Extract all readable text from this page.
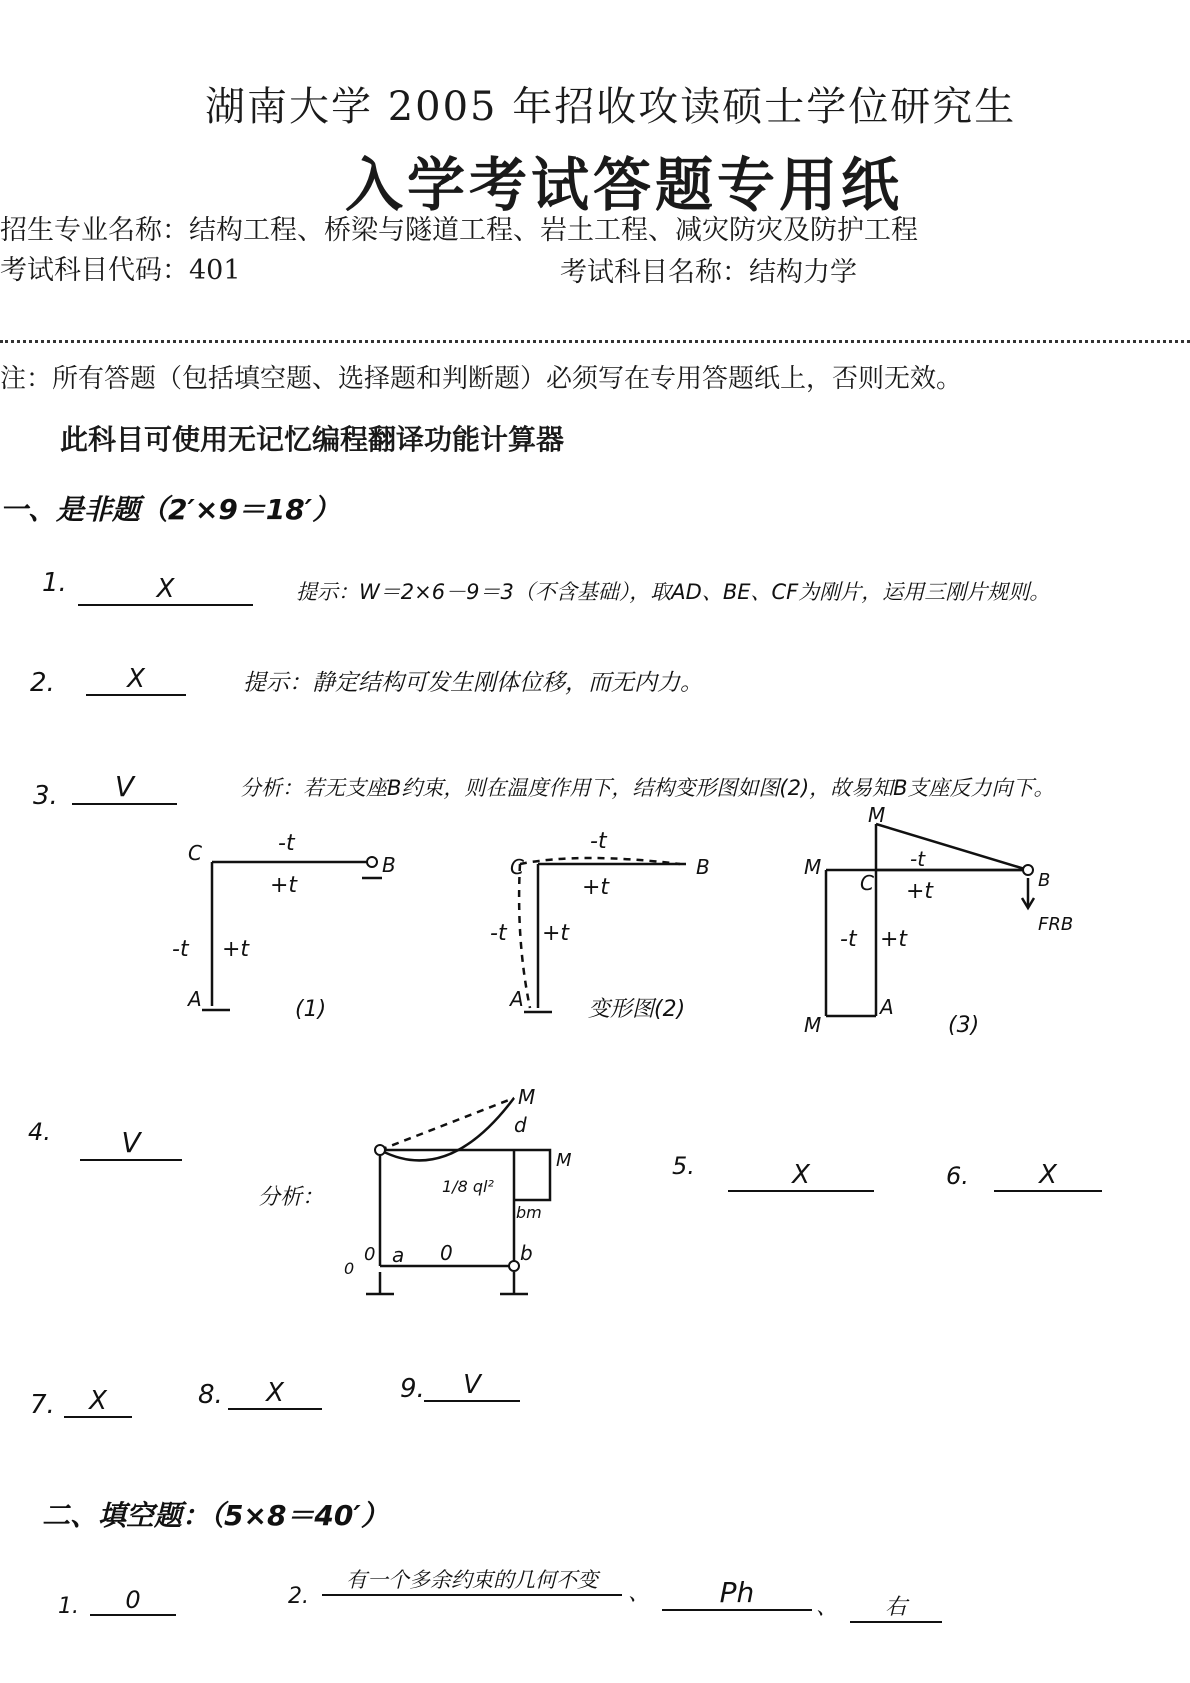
湖南大学 2005 年招收攻读硕士学位研究生
入学考试答题专用纸
招生专业名称：结构工程、桥梁与隧道工程、岩土工程、减灾防灾及防护工程
考试科目代码：401	考试科目名称：结构力学
注：所有答题（包括填空题、选择题和判断题）必须写在专用答题纸上，否则无效。
此科目可使用无记忆编程翻译功能计算器
一、是非题（2′×9＝18′）
1.	X	提示：W＝2×6－9＝3（不含基础），取AD、BE、CF为刚片，运用三刚片规则。
2.	X	提示：静定结构可发生刚体位移，而无内力。
3.	V	分析：若无支座B约束，则在温度作用下，结构变形图如图(2)，故易知B支座反力向下。
-t
+t
-t +t
C	B
A	(1)
-t
+t
-t +t
C	B
A	变形图(2)
M
M
M
-t
+t
-t +t
C	B
A
FRB
(3)
4.	V
分析：
M
M
d
a	b
0
0
0
1/8 ql²
bm
5.	X	6.	X
7.	X	8.	X	9.	V
二、填空题：（5×8＝40′）
1.	0	2.
有一个多余约束的几何不变
、	Ph	、	右
